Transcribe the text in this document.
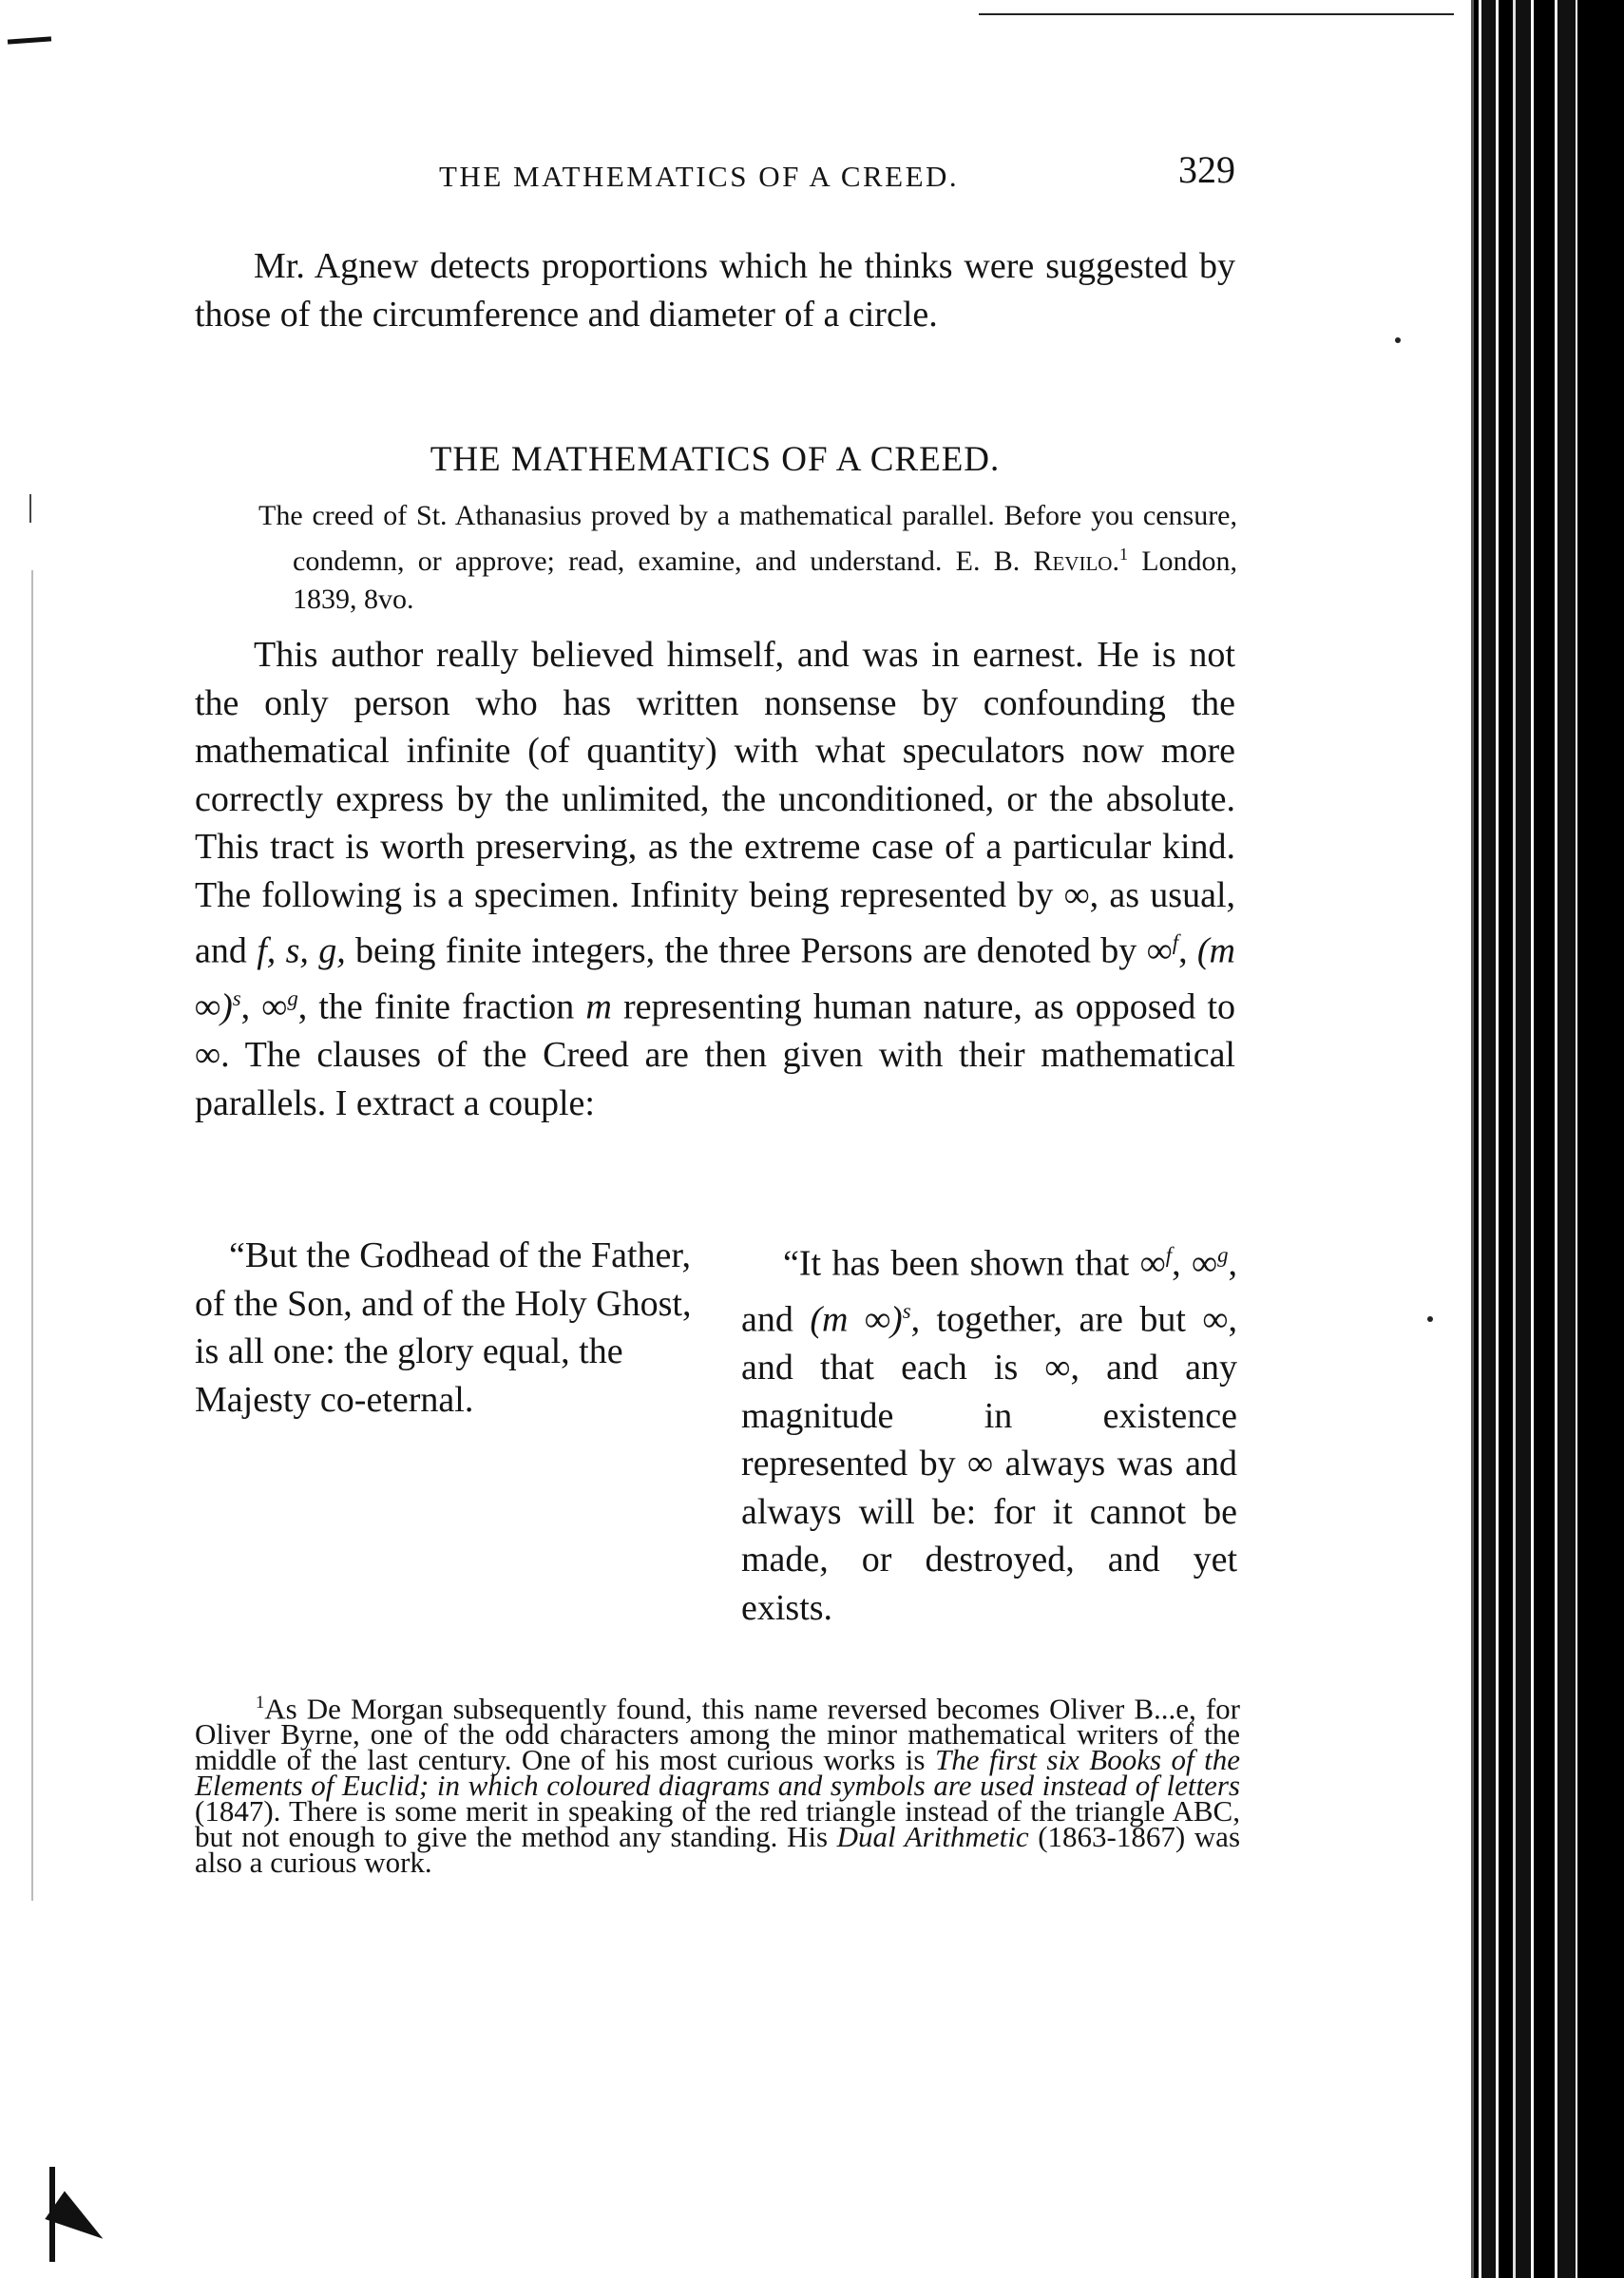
THE MATHEMATICS OF A CREED.	329
Mr. Agnew detects proportions which he thinks were suggested by those of the circumference and diameter of a circle.
THE MATHEMATICS OF A CREED.
The creed of St. Athanasius proved by a mathematical parallel. Before you censure, condemn, or approve; read, examine, and understand. E. B. Revilo.$^1$ London, 1839, 8vo.
This author really believed himself, and was in earnest. He is not the only person who has written nonsense by confounding the mathematical infinite (of quantity) with what speculators now more correctly express by the unlimited, the unconditioned, or the absolute. This tract is worth preserving, as the extreme case of a particular kind. The following is a specimen. Infinity being represented by ∞, as usual, and f, s, g, being finite integers, the three Persons are denoted by ∞$^f$, (m ∞)$^s$, ∞$^g$, the finite fraction m representing human nature, as opposed to ∞. The clauses of the Creed are then given with their mathematical parallels. I extract a couple:
“But the Godhead of the Father, of the Son, and of the Holy Ghost, is all one: the glory equal, the Majesty co-eternal.
“It has been shown that ∞$^f$, ∞$^g$, and (m ∞)$^s$, together, are but ∞, and that each is ∞, and any magnitude in existence represented by ∞ always was and always will be: for it cannot be made, or destroyed, and yet exists.
$^1$As De Morgan subsequently found, this name reversed becomes Oliver B...e, for Oliver Byrne, one of the odd characters among the minor mathematical writers of the middle of the last century. One of his most curious works is The first six Books of the Elements of Euclid; in which coloured diagrams and symbols are used instead of letters (1847). There is some merit in speaking of the red triangle instead of the triangle ABC, but not enough to give the method any standing. His Dual Arithmetic (1863-1867) was also a curious work.
